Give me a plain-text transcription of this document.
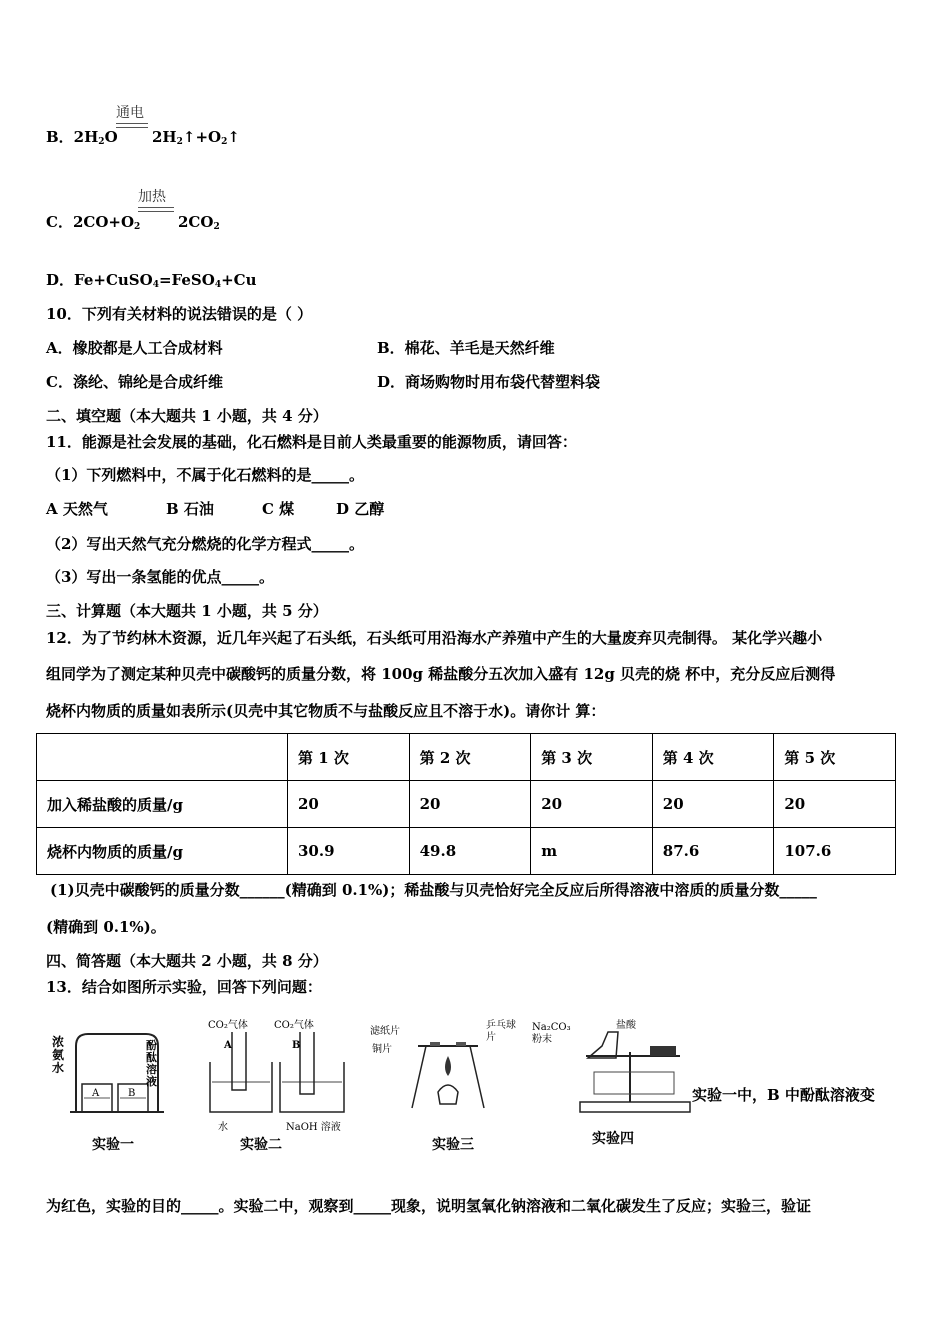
B．$2H_2O$
通电
$2H_2↑+O_2↑$
C．$2CO+O_2$
加热
$2CO_2$
D．Fe+CuSO$_4$=FeSO$_4$+Cu
10．下列有关材料的说法错误的是（ ）
A．橡胶都是人工合成材料	B．棉花、羊毛是天然纤维
C．涤纶、锦纶是合成纤维	D．商场购物时用布袋代替塑料袋
二、填空题（本大题共 1 小题，共 4 分）
11．能源是社会发展的基础，化石燃料是目前人类最重要的能源物质，请回答：
（1）下列燃料中，不属于化石燃料的是_____。
A 天然气	B 石油	C 煤	D 乙醇
（2）写出天然气充分燃烧的化学方程式_____。
（3）写出一条氢能的优点_____。
三、计算题（本大题共 1 小题，共 5 分）
12．为了节约林木资源，近几年兴起了石头纸，石头纸可用沿海水产养殖中产生的大量废弃贝壳制得。 某化学兴趣小
组同学为了测定某种贝壳中碳酸钙的质量分数，将 100g 稀盐酸分五次加入盛有 12g 贝壳的烧 杯中，充分反应后测得
烧杯内物质的质量如表所示(贝壳中其它物质不与盐酸反应且不溶于水)。请你计 算：
	第 1 次	第 2 次	第 3 次	第 4 次	第 5 次
加入稀盐酸的质量/g	20	20	20	20	20
烧杯内物质的质量/g	30.9	49.8	m	87.6	107.6
(1)贝壳中碳酸钙的质量分数______(精确到 0.1%)；稀盐酸与贝壳恰好完全反应后所得溶液中溶质的质量分数_____
(精确到 0.1%)。
四、简答题（本大题共 2 小题，共 8 分）
13．结合如图所示实验，回答下列问题：
浓氨水
酚酞溶液
A	B
实验一
CO₂气体	CO₂气体
A	B
水	NaOH 溶液
实验二
滤纸片
铜片
乒乓球片
实验三
Na₂CO₃粉末
盐酸
实验四
实验一中，B 中酚酞溶液变
为红色，实验的目的_____。实验二中，观察到_____现象，说明氢氧化钠溶液和二氧化碳发生了反应；实验三，验证
